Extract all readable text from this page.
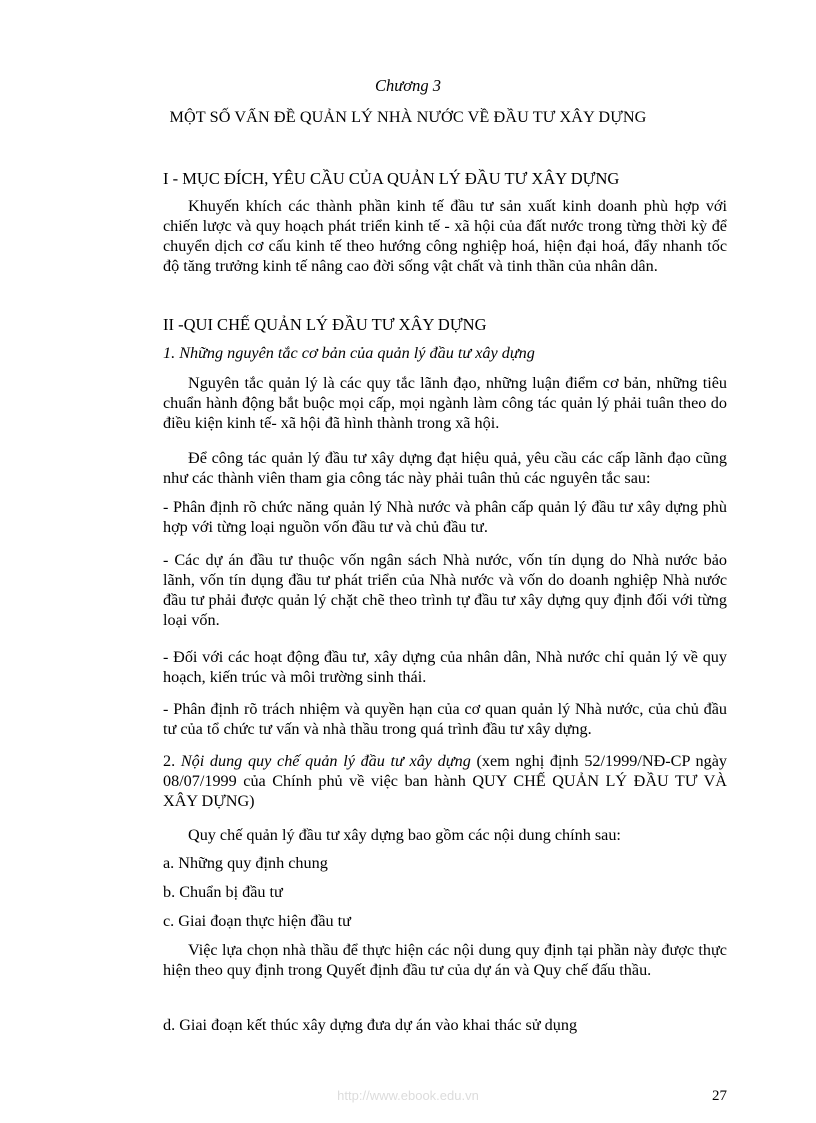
Chương 3
MỘT SỐ VẤN ĐỀ QUẢN LÝ NHÀ NƯỚC VỀ ĐẦU TƯ XÂY DỰNG
I - MỤC ĐÍCH, YÊU CẦU CỦA QUẢN LÝ ĐẦU TƯ XÂY DỰNG
Khuyến khích các thành phần kinh tế đầu tư sản xuất kinh doanh phù hợp với chiến lược và quy hoạch phát triển kinh tế - xã hội của đất nước trong từng thời kỳ để chuyển dịch cơ cấu kinh tế theo hướng công nghiệp hoá, hiện đại hoá, đẩy nhanh tốc độ tăng trưởng kinh tế nâng cao đời sống vật chất và tinh thần của nhân dân.
II -QUI CHẾ QUẢN LÝ ĐẦU TƯ XÂY DỰNG
1. Những nguyên tắc cơ bản của quản lý đầu tư xây dựng
Nguyên tắc quản lý là các quy tắc lãnh đạo, những luận điểm cơ bản, những tiêu chuẩn hành động bắt buộc mọi cấp, mọi ngành làm công tác quản lý phải tuân theo do điều kiện kinh tế- xã hội đã hình thành trong xã hội.
Để công tác quản lý đầu tư xây dựng đạt hiệu quả, yêu cầu các cấp lãnh đạo cũng như các thành viên tham gia công tác này phải tuân thủ các nguyên tắc sau:
- Phân định rõ chức năng quản lý Nhà nước và phân cấp quản lý đầu tư xây dựng phù hợp với từng loại nguồn vốn đầu tư và chủ đầu tư.
- Các dự án đầu tư thuộc vốn ngân sách Nhà nước, vốn tín dụng do Nhà nước bảo lãnh, vốn tín dụng đầu tư phát triển của Nhà nước và vốn do doanh nghiệp Nhà nước đầu tư phải được quản lý chặt chẽ theo trình tự đầu tư xây dựng quy định đối với từng loại vốn.
- Đối với các hoạt động đầu tư, xây dựng của nhân dân, Nhà nước chỉ quản lý về quy hoạch, kiến trúc và môi trường sinh thái.
- Phân định rõ trách nhiệm và quyền hạn của cơ quan quản lý Nhà nước, của chủ đầu tư của tổ chức tư vấn và nhà thầu trong quá trình đầu tư xây dựng.
2. Nội dung quy chế quản lý đầu tư xây dựng (xem nghị định 52/1999/NĐ-CP ngày 08/07/1999 của Chính phủ về việc ban hành QUY CHẾ QUẢN LÝ ĐẦU TƯ VÀ XÂY DỰNG)
Quy chế quản lý đầu tư xây dựng bao gồm các nội dung chính sau:
a. Những quy định chung
b. Chuẩn bị đầu tư
c. Giai đoạn thực hiện đầu tư
Việc lựa chọn nhà thầu để thực hiện các nội dung quy định tại phần này được thực hiện theo quy định trong Quyết định đầu tư của dự án và Quy chế đấu thầu.
d. Giai đoạn kết thúc xây dựng đưa dự án vào khai thác sử dụng
http://www.ebook.edu.vn	27
